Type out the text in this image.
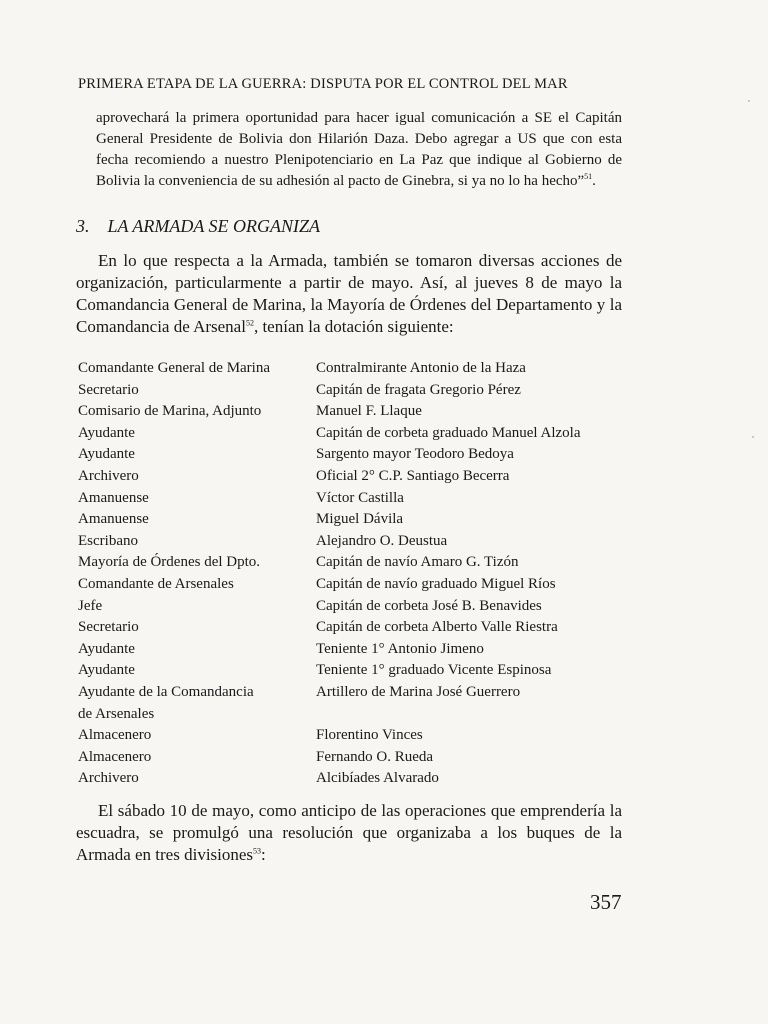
PRIMERA ETAPA DE LA GUERRA: DISPUTA POR EL CONTROL DEL MAR

aprovechará la primera oportunidad para hacer igual comunicación a SE el Capitán General Presidente de Bolivia don Hilarión Daza. Debo agregar a US que con esta fecha recomiendo a nuestro Plenipotenciario en La Paz que indique al Gobierno de Bolivia la conveniencia de su adhesión al pacto de Ginebra, si ya no lo ha hecho”$^{51}$.

3. LA ARMADA SE ORGANIZA

En lo que respecta a la Armada, también se tomaron diversas acciones de organización, particularmente a partir de mayo. Así, al jueves 8 de mayo la Comandancia General de Marina, la Mayoría de Órdenes del Departamento y la Comandancia de Arsenal$^{52}$, tenían la dotación siguiente:

Comandante General de Marina	Contralmirante Antonio de la Haza
Secretario	Capitán de fragata Gregorio Pérez
Comisario de Marina, Adjunto	Manuel F. Llaque
Ayudante	Capitán de corbeta graduado Manuel Alzola
Ayudante	Sargento mayor Teodoro Bedoya
Archivero	Oficial 2° C.P. Santiago Becerra
Amanuense	Víctor Castilla
Amanuense	Miguel Dávila
Escribano	Alejandro O. Deustua
Mayoría de Órdenes del Dpto.	Capitán de navío Amaro G. Tizón
Comandante de Arsenales	Capitán de navío graduado Miguel Ríos
Jefe	Capitán de corbeta José B. Benavides
Secretario	Capitán de corbeta Alberto Valle Riestra
Ayudante	Teniente 1° Antonio Jimeno
Ayudante	Teniente 1° graduado Vicente Espinosa
Ayudante de la Comandancia	Artillero de Marina José Guerrero
de Arsenales
Almacenero	Florentino Vinces
Almacenero	Fernando O. Rueda
Archivero	Alcibíades Alvarado

El sábado 10 de mayo, como anticipo de las operaciones que emprendería la escuadra, se promulgó una resolución que organizaba a los buques de la Armada en tres divisiones$^{53}$:

357
